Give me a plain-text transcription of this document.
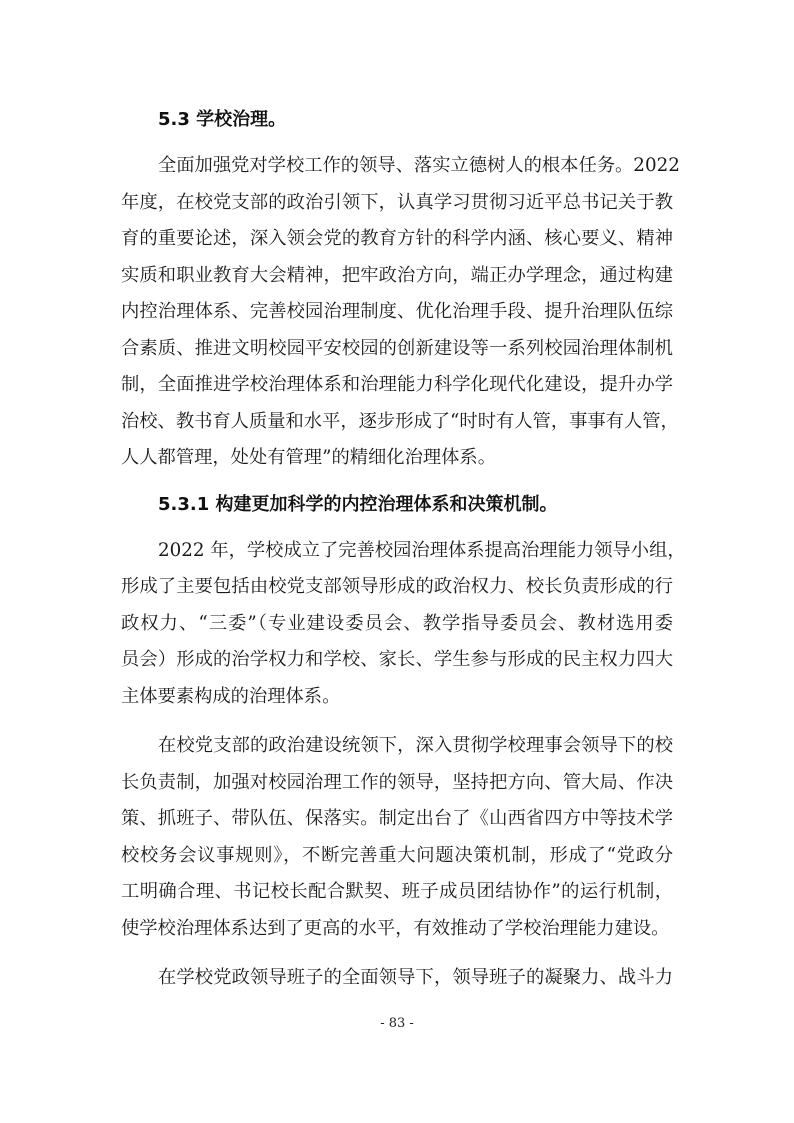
5.3 学校治理。
全面加强党对学校工作的领导、落实立德树人的根本任务。2022
年度，在校党支部的政治引领下，认真学习贯彻习近平总书记关于教
育的重要论述，深入领会党的教育方针的科学内涵、核心要义、精神
实质和职业教育大会精神，把牢政治方向，端正办学理念，通过构建
内控治理体系、完善校园治理制度、优化治理手段、提升治理队伍综
合素质、推进文明校园平安校园的创新建设等一系列校园治理体制机
制，全面推进学校治理体系和治理能力科学化现代化建设，提升办学
治校、教书育人质量和水平，逐步形成了“时时有人管，事事有人管，
人人都管理，处处有管理”的精细化治理体系。
5.3.1 构建更加科学的内控治理体系和决策机制。
2022 年，学校成立了完善校园治理体系提高治理能力领导小组，
形成了主要包括由校党支部领导形成的政治权力、校长负责形成的行
政权力、“三委”（专业建设委员会、教学指导委员会、教材选用委
员会）形成的治学权力和学校、家长、学生参与形成的民主权力四大
主体要素构成的治理体系。
在校党支部的政治建设统领下，深入贯彻学校理事会领导下的校
长负责制，加强对校园治理工作的领导，坚持把方向、管大局、作决
策、抓班子、带队伍、保落实。制定出台了《山西省四方中等技术学
校校务会议事规则》，不断完善重大问题决策机制，形成了“党政分
工明确合理、书记校长配合默契、班子成员团结协作”的运行机制，
使学校治理体系达到了更高的水平，有效推动了学校治理能力建设。
在学校党政领导班子的全面领导下，领导班子的凝聚力、战斗力
- 83 -
